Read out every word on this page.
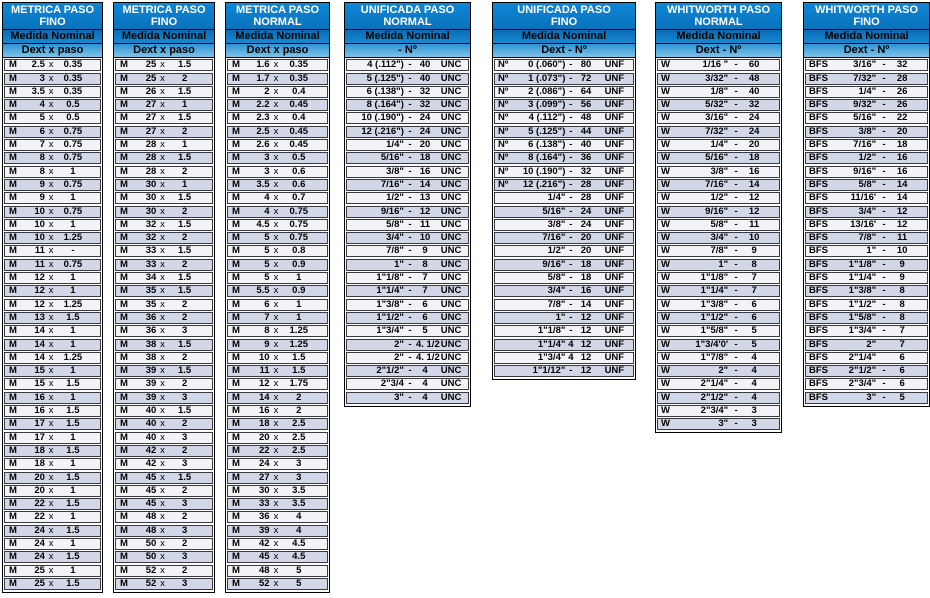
METRICA PASO
FINO
Medida Nominal
Dext x paso
M	2.5 x	0.35
M	3 x	0.35
M	3.5 x	0.35
M	4 x	0.5
M	5 x	0.5
M	6 x	0.75
M	7 x	0.75
M	8 x	0.75
M	8 x	1
M	9 x	0.75
M	9 x	1
M	10 x	0.75
M	10 x	1
M	10 x	1.25
M	11 x	-
M	11 x	0.75
M	12 x	1
M	12 x	1
M	12 x	1.25
M	13 x	1.5
M	14 x	1
M	14 x	1
M	14 x	1.25
M	15 x	1
M	15 x	1.5
M	16 x	1
M	16 x	1.5
M	17 x	1.5
M	17 x	1
M	18 x	1.5
M	18 x	1
M	20 x	1.5
M	20 x	1
M	22 x	1.5
M	22 x	1
M	24 x	1.5
M	24 x	1
M	24 x	1.5
M	25 x	1
M	25 x	1.5
METRICA PASO
FINO
Medida Nominal
Dext x paso
M	25 x	1.5
M	25 x	2
M	26 x	1.5
M	27 x	1
M	27 x	1.5
M	27 x	2
M	28 x	1
M	28 x	1.5
M	28 x	2
M	30 x	1
M	30 x	1.5
M	30 x	2
M	32 x	1.5
M	32 x	2
M	33 x	1.5
M	33 x	2
M	34 x	1.5
M	35 x	1.5
M	35 x	2
M	36 x	2
M	36 x	3
M	38 x	1.5
M	38 x	2
M	39 x	1.5
M	39 x	2
M	39 x	3
M	40 x	1.5
M	40 x	2
M	40 x	3
M	42 x	2
M	42 x	3
M	45 x	1.5
M	45 x	2
M	45 x	3
M	48 x	2
M	48 x	3
M	50 x	2
M	50 x	3
M	52 x	2
M	52 x	3
METRICA PASO
NORMAL
Medida Nominal
Dext x paso
M	1.6 x	0.35
M	1.7 x	0.35
M	2 x	0.4
M	2.2 x	0.45
M	2.3 x	0.4
M	2.5 x	0.45
M	2.6 x	0.45
M	3 x	0.5
M	3 x	0.6
M	3.5 x	0.6
M	4 x	0.7
M	4 x	0.75
M	4.5 x	0.75
M	5 x	0.75
M	5 x	0.8
M	5 x	0.9
M	5 x	1
M	5.5 x	0.9
M	6 x	1
M	7 x	1
M	8 x	1.25
M	9 x	1.25
M	10 x	1.5
M	11 x	1.5
M	12 x	1.75
M	14 x	2
M	16 x	2
M	18 x	2.5
M	20 x	2.5
M	22 x	2.5
M	24 x	3
M	27 x	3
M	30 x	3.5
M	33 x	3.5
M	36 x	4
M	39 x	4
M	42 x	4.5
M	45 x	4.5
M	48 x	5
M	52 x	5
UNIFICADA PASO
NORMAL
Medida Nominal
- Nº
4 (.112") - 40	UNC
5 (.125") - 40	UNC
6 (.138") - 32	UNC
8 (.164") - 32	UNC
10 (.190") - 24	UNC
12 (.216") - 24	UNC
1/4" - 20	UNC
5/16" - 18	UNC
3/8" - 16	UNC
7/16" - 14	UNC
1/2" - 13	UNC
9/16" - 12	UNC
5/8" - 11	UNC
3/4" - 10	UNC
7/8" -	9	UNC
1" -	8	UNC
1"1/8" -	7	UNC
1"1/4" -	7	UNC
1"3/8" -	6	UNC
1"1/2" -	6	UNC
1"3/4" -	5	UNC
2" - 4. 1/2 UNC
2" - 4. 1/2 UNC
2"1/2" -	4	UNC
2"3/4 -	4	UNC
3" -	4	UNC
UNIFICADA PASO
FINO
Medida Nominal
Dext - Nº
Nº	0 (.060") - 80	UNF
Nº	1 (.073") - 72	UNF
Nº	2 (.086") - 64	UNF
Nº	3 (.099") - 56	UNF
Nº	4 (.112") - 48	UNF
Nº	5 (.125") - 44	UNF
Nº	6 (.138") - 40	UNF
Nº	8 (.164") - 36	UNF
Nº	10 (.190") - 32	UNF
Nº	12 (.216") - 28	UNF
1/4" - 28	UNF
5/16" - 24	UNF
3/8" - 24	UNF
7/16" - 20	UNF
1/2" - 20	UNF
9/16" - 18	UNF
5/8" - 18	UNF
3/4" - 16	UNF
7/8" - 14	UNF
1" - 12	UNF
1"1/8" - 12	UNF
1"1/4" 4 12	UNF
1"3/4" 4 12	UNF
1"1/12" - 12	UNF
WHITWORTH PASO
NORMAL
Medida Nominal
Dext - Nº
W	1/16 " -	60
W	3/32" -	48
W	1/8" -	40
W	5/32" -	32
W	3/16" -	24
W	7/32" -	24
W	1/4" -	20
W	5/16" -	18
W	3/8" -	16
W	7/16" -	14
W	1/2" -	12
W	9/16" -	12
W	5/8" -	11
W	3/4" -	10
W	7/8" -	9
W	1" -	8
W	1"1/8" -	7
W	1"1/4" -	7
W	1"3/8" -	6
W	1"1/2" -	6
W	1"5/8" -	5
W	1"3/4'0' -	5
W	1"7/8" -	4
W	2" -	4
W	2"1/4" -	4
W	2"1/2" -	4
W	2"3/4" -	3
W	3" -	3
WHITWORTH PASO
FINO
Medida Nominal
Dext - Nº
BFS	3/16" -	32
BFS	7/32" -	28
BFS	1/4" -	26
BFS	9/32" -	26
BFS	5/16" -	22
BFS	3/8" -	20
BFS	7/16" -	18
BFS	1/2" -	16
BFS	9/16" -	16
BFS	5/8" -	14
BFS	11/16' -	14
BFS	3/4" -	12
BFS	13/16' -	12
BFS	7/8" -	11
BFS	1" -	10
BFS	1"1/8" -	9
BFS	1"1/4" -	9
BFS	1"3/8" -	8
BFS	1"1/2" -	8
BFS	1"5/8" -	8
BFS	1"3/4" -	7
BFS	2"	7
BFS	2"1/4"	6
BFS	2"1/2" -	6
BFS	2"3/4" -	6
BFS	3" -	5
